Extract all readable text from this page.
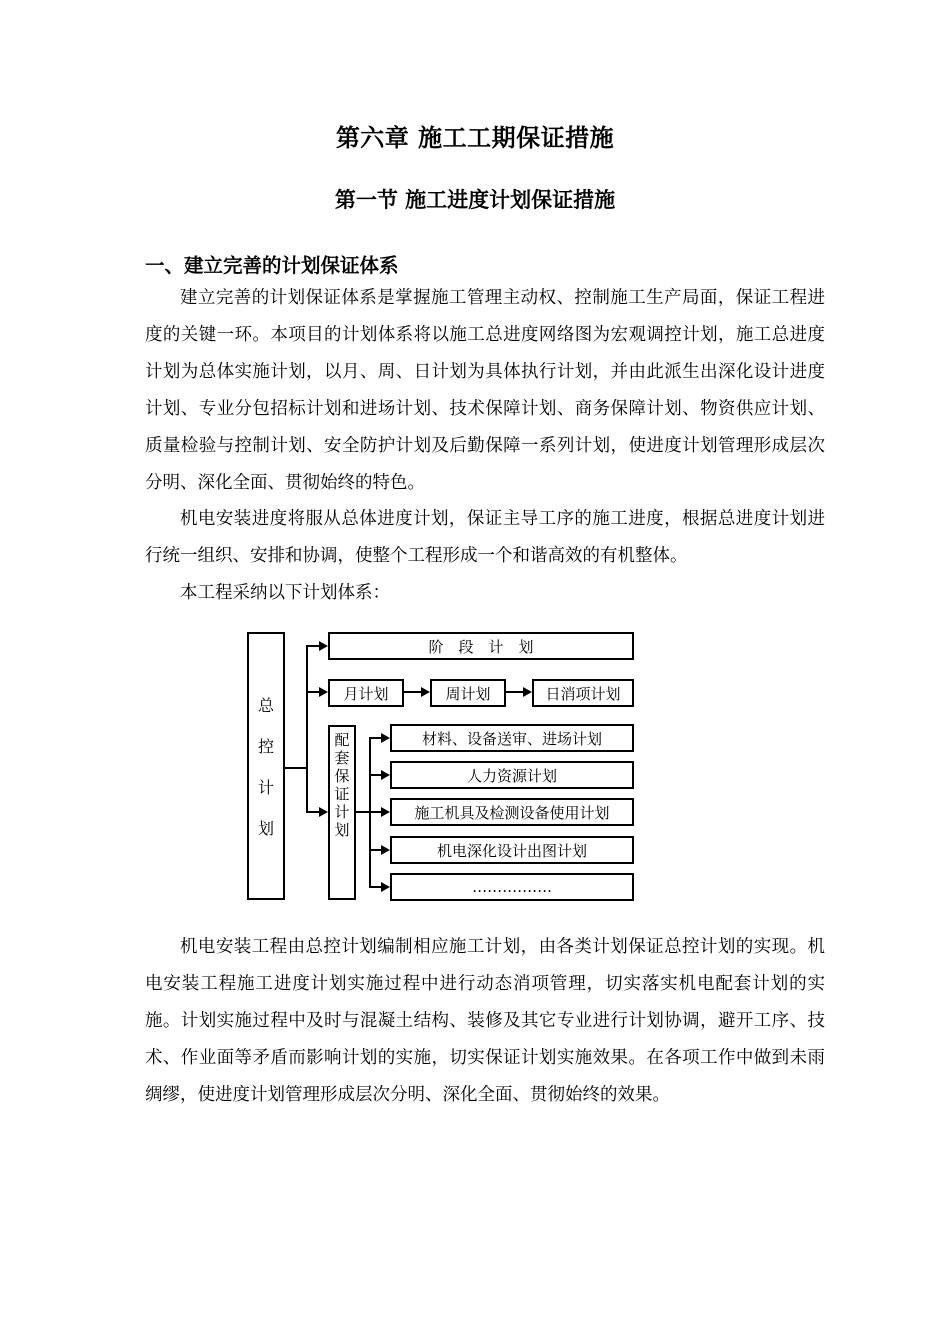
第六章 施工工期保证措施
第一节 施工进度计划保证措施
一、建立完善的计划保证体系

建立完善的计划保证体系是掌握施工管理主动权、控制施工生产局面，保证工程进度的关键一环。本项目的计划体系将以施工总进度网络图为宏观调控计划，施工总进度计划为总体实施计划，以月、周、日计划为具体执行计划，并由此派生出深化设计进度计划、专业分包招标计划和进场计划、技术保障计划、商务保障计划、物资供应计划、质量检验与控制计划、安全防护计划及后勤保障一系列计划，使进度计划管理形成层次分明、深化全面、贯彻始终的特色。

机电安装进度将服从总体进度计划，保证主导工序的施工进度，根据总进度计划进行统一组织、安排和协调，使整个工程形成一个和谐高效的有机整体。

本工程采纳以下计划体系：

总
控
计
划
阶　段　计　划
月计划	周计划	日消项计划
配
套
保
证
计
划
材料、设备送审、进场计划
人力资源计划
施工机具及检测设备使用计划
机电深化设计出图计划
…………….

机电安装工程由总控计划编制相应施工计划，由各类计划保证总控计划的实现。机电安装工程施工进度计划实施过程中进行动态消项管理，切实落实机电配套计划的实施。计划实施过程中及时与混凝土结构、装修及其它专业进行计划协调，避开工序、技术、作业面等矛盾而影响计划的实施，切实保证计划实施效果。在各项工作中做到未雨绸缪，使进度计划管理形成层次分明、深化全面、贯彻始终的效果。
